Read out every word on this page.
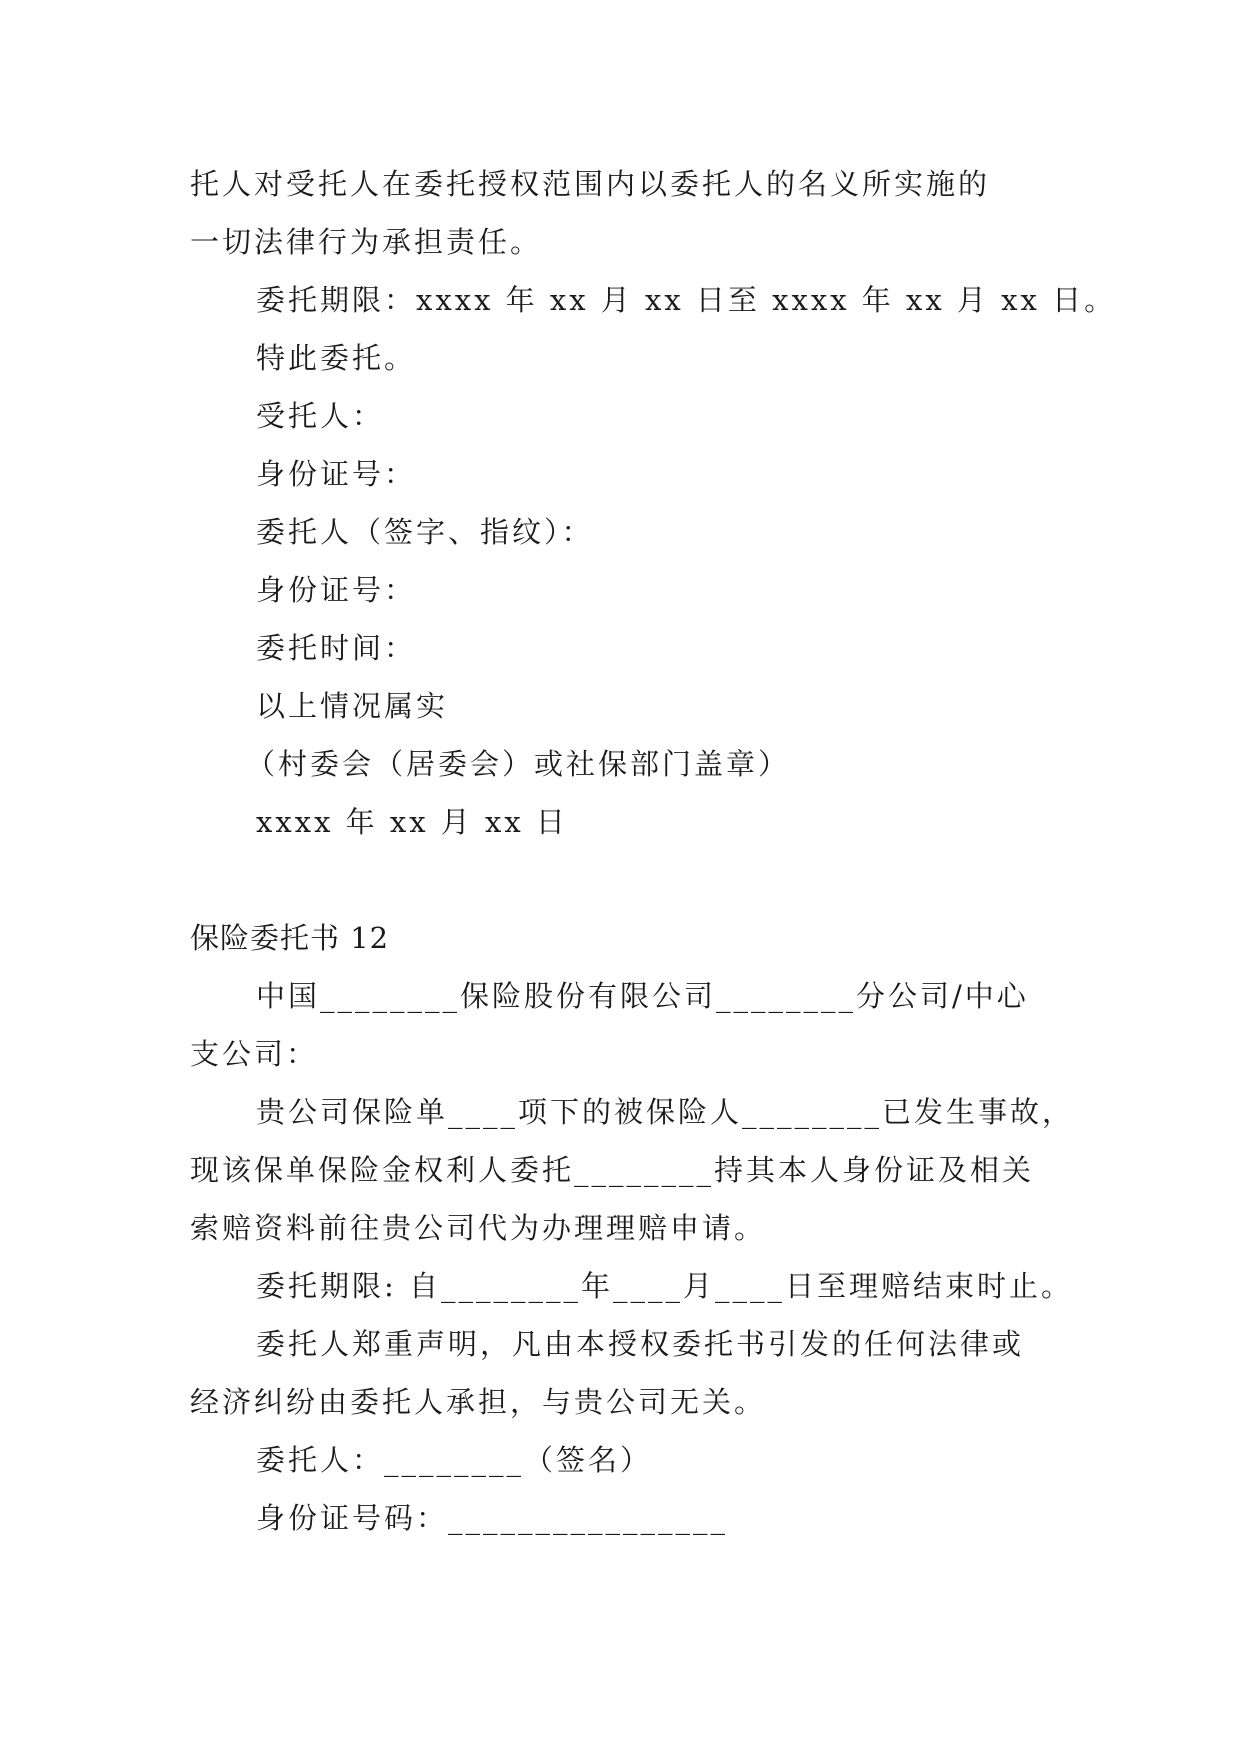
托人对受托人在委托授权范围内以委托人的名义所实施的
一切法律行为承担责任。
委托期限：xxxx 年 xx 月 xx 日至 xxxx 年 xx 月 xx 日。
特此委托。
受托人：
身份证号：
委托人（签字、指纹）：
身份证号：
委托时间：
以上情况属实
（村委会（居委会）或社保部门盖章）
xxxx 年 xx 月 xx 日
保险委托书 12
中国________保险股份有限公司________分公司/中心
支公司：
贵公司保险单____项下的被保险人________已发生事故，
现该保单保险金权利人委托________持其本人身份证及相关
索赔资料前往贵公司代为办理理赔申请。
委托期限: 自________年____月____日至理赔结束时止。
委托人郑重声明，凡由本授权委托书引发的任何法律或
经济纠纷由委托人承担，与贵公司无关。
委托人：________（签名）
身份证号码：________________
